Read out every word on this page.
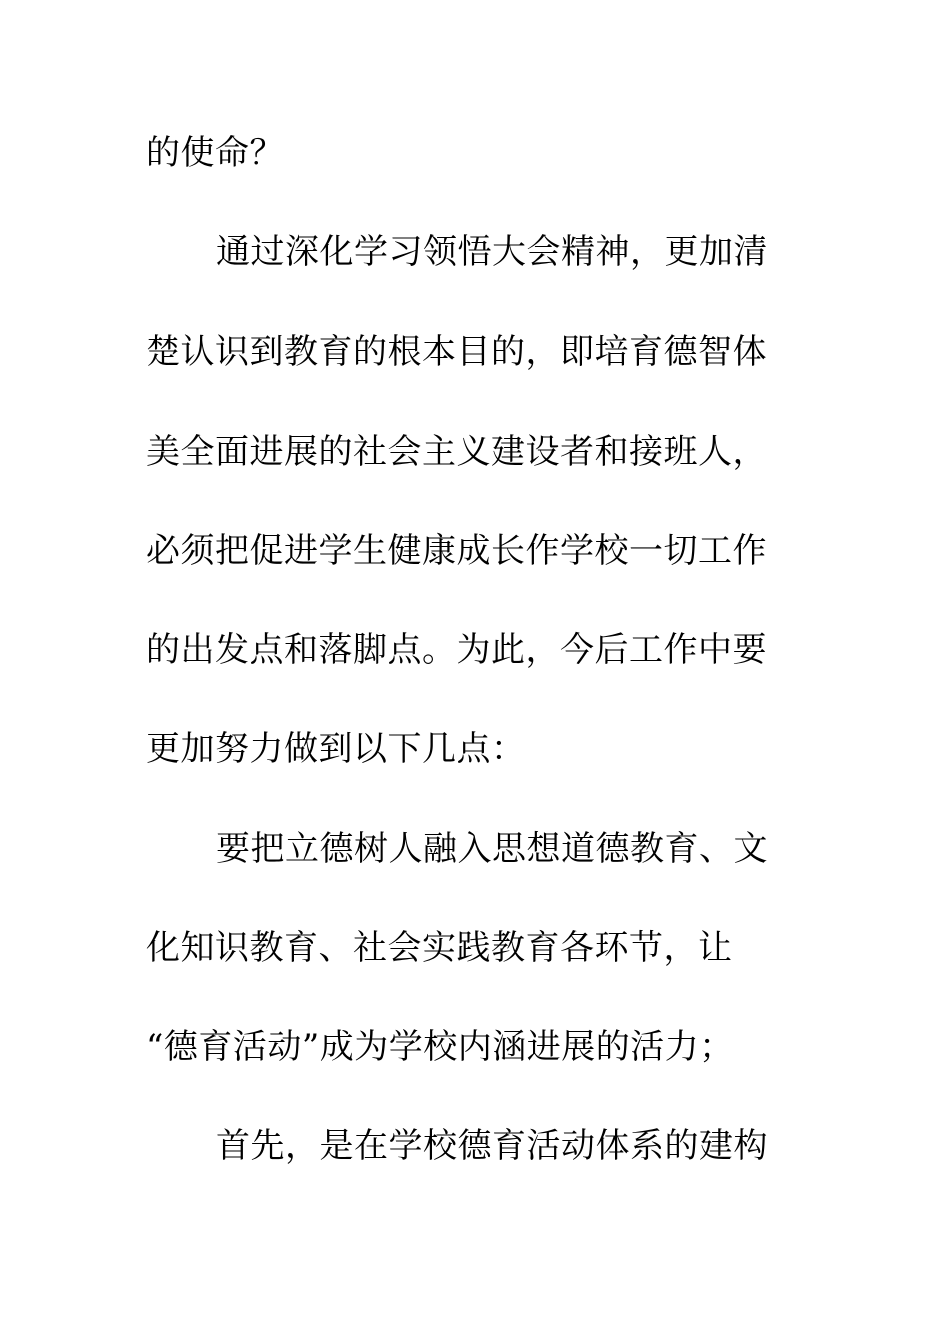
的使命？
通过深化学习领悟大会精神，更加清
楚认识到教育的根本目的，即培育德智体
美全面进展的社会主义建设者和接班人，
必须把促进学生健康成长作学校一切工作
的出发点和落脚点。为此，今后工作中要
更加努力做到以下几点：
要把立德树人融入思想道德教育、文
化知识教育、社会实践教育各环节，让
“德育活动”成为学校内涵进展的活力；
首先，是在学校德育活动体系的建构
